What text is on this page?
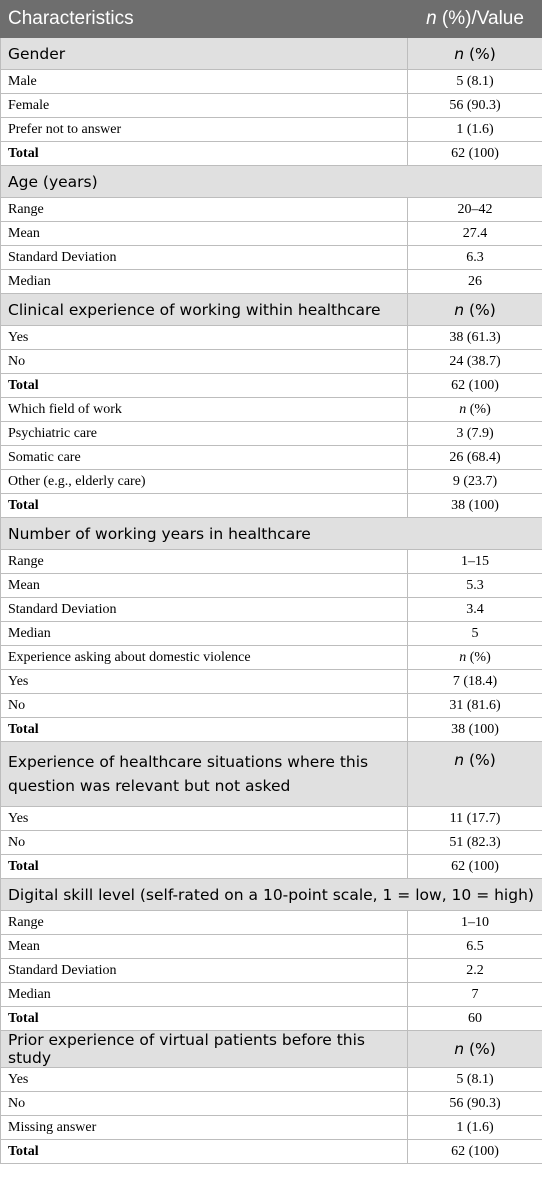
Characteristics	n (%)/Value
Gender	n (%)
Male	5 (8.1)
Female	56 (90.3)
Prefer not to answer	1 (1.6)
Total	62 (100)
Age (years)	
Range	20–42
Mean	27.4
Standard Deviation	6.3
Median	26
Clinical experience of working within healthcare	n (%)
Yes	38 (61.3)
No	24 (38.7)
Total	62 (100)
Which field of work	n (%)
Psychiatric care	3 (7.9)
Somatic care	26 (68.4)
Other (e.g., elderly care)	9 (23.7)
Total	38 (100)
Number of working years in healthcare	
Range	1–15
Mean	5.3
Standard Deviation	3.4
Median	5
Experience asking about domestic violence	n (%)
Yes	7 (18.4)
No	31 (81.6)
Total	38 (100)
Experience of healthcare situations where this question was relevant but not asked	n (%)
Yes	11 (17.7)
No	51 (82.3)
Total	62 (100)
Digital skill level (self-rated on a 10-point scale, 1 = low, 10 = high)	
Range	1–10
Mean	6.5
Standard Deviation	2.2
Median	7
Total	60
Prior experience of virtual patients before this study	n (%)
Yes	5 (8.1)
No	56 (90.3)
Missing answer	1 (1.6)
Total	62 (100)
